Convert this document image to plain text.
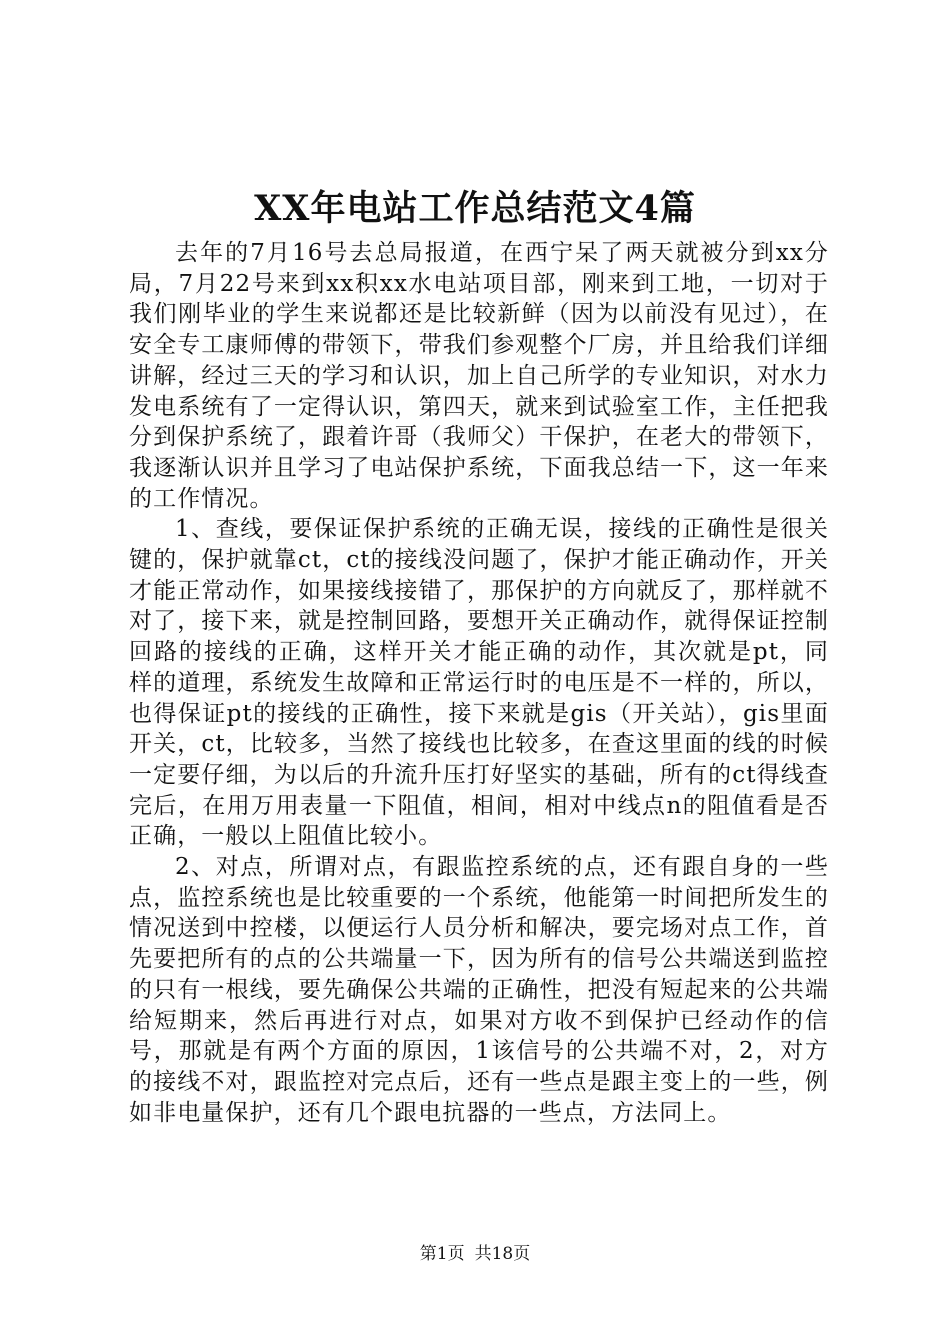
XX年电站工作总结范文4篇

去年的7月16号去总局报道，在西宁呆了两天就被分到xx分局，7月22号来到xx积xx水电站项目部，刚来到工地，一切对于我们刚毕业的学生来说都还是比较新鲜（因为以前没有见过），在安全专工康师傅的带领下，带我们参观整个厂房，并且给我们详细讲解，经过三天的学习和认识，加上自己所学的专业知识，对水力发电系统有了一定得认识，第四天，就来到试验室工作，主任把我分到保护系统了，跟着许哥（我师父）干保护，在老大的带领下，我逐渐认识并且学习了电站保护系统，下面我总结一下，这一年来的工作情况。

1、查线，要保证保护系统的正确无误，接线的正确性是很关键的，保护就靠ct，ct的接线没问题了，保护才能正确动作，开关才能正常动作，如果接线接错了，那保护的方向就反了，那样就不对了，接下来，就是控制回路，要想开关正确动作，就得保证控制回路的接线的正确，这样开关才能正确的动作，其次就是pt，同样的道理，系统发生故障和正常运行时的电压是不一样的，所以，也得保证pt的接线的正确性，接下来就是gis（开关站），gis里面开关，ct，比较多，当然了接线也比较多，在查这里面的线的时候一定要仔细，为以后的升流升压打好坚实的基础，所有的ct得线查完后，在用万用表量一下阻值，相间，相对中线点n的阻值看是否正确，一般以上阻值比较小。

2、对点，所谓对点，有跟监控系统的点，还有跟自身的一些点，监控系统也是比较重要的一个系统，他能第一时间把所发生的情况送到中控楼，以便运行人员分析和解决，要完场对点工作，首先要把所有的点的公共端量一下，因为所有的信号公共端送到监控的只有一根线，要先确保公共端的正确性，把没有短起来的公共端给短期来，然后再进行对点，如果对方收不到保护已经动作的信号，那就是有两个方面的原因，1该信号的公共端不对，2，对方的接线不对，跟监控对完点后，还有一些点是跟主变上的一些，例如非电量保护，还有几个跟电抗器的一些点，方法同上。

第1页 共18页
